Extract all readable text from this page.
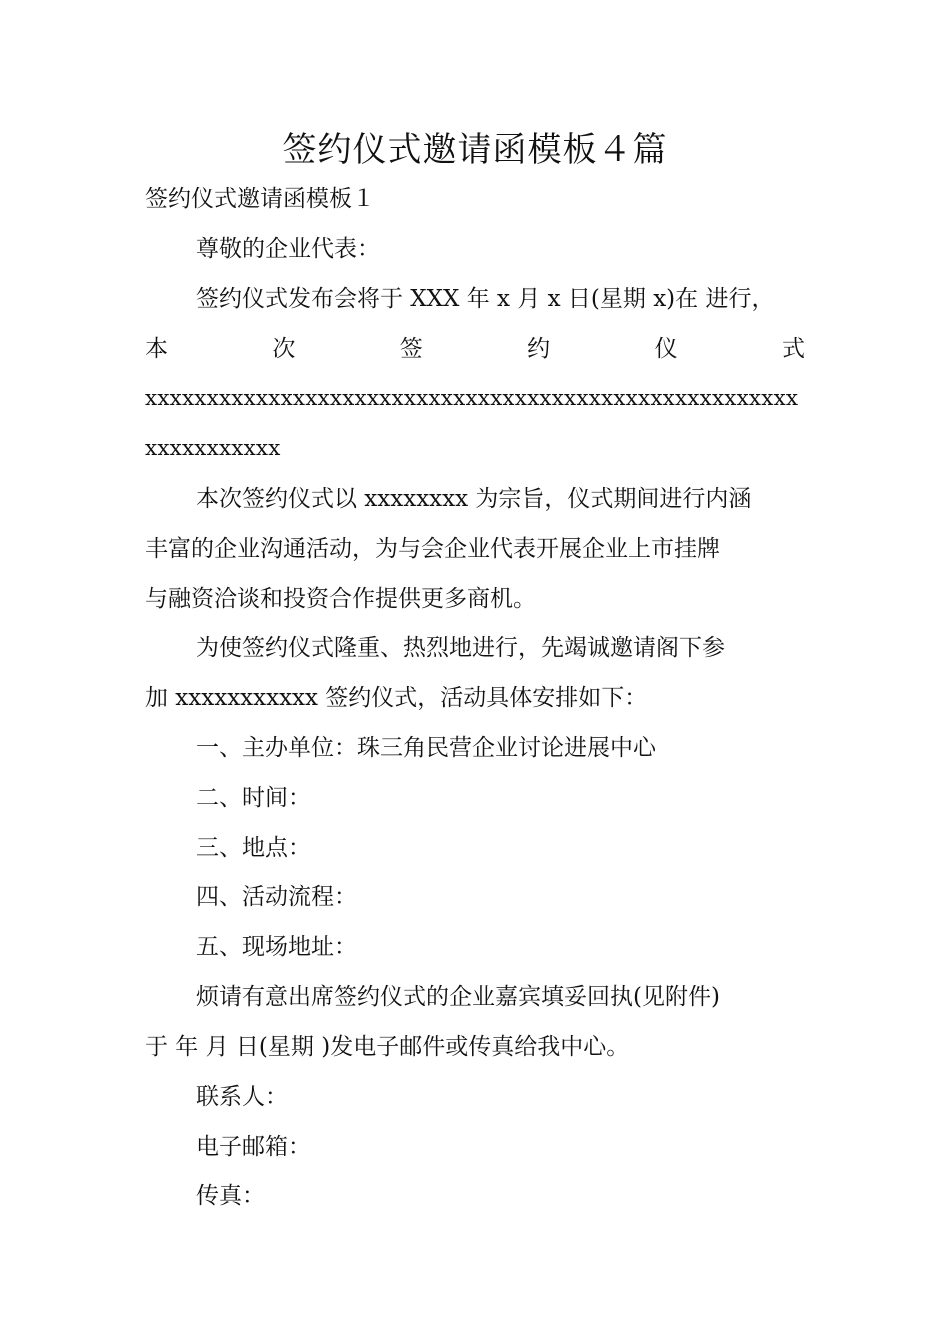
签约仪式邀请函模板４篇

签约仪式邀请函模板１

尊敬的企业代表：

签约仪式发布会将于 XXX 年 x 月 x 日(星期 x)在 进行，

本	次	签	约	仪	式

xxxxxxxxxxxxxxxxxxxxxxxxxxxxxxxxxxxxxxxxxxxxxxxxxxxxx

xxxxxxxxxxx

本次签约仪式以 xxxxxxxx 为宗旨，仪式期间进行内涵

丰富的企业沟通活动，为与会企业代表开展企业上市挂牌

与融资洽谈和投资合作提供更多商机。

为使签约仪式隆重、热烈地进行，先竭诚邀请阁下参

加 xxxxxxxxxxx 签约仪式，活动具体安排如下：

一、主办单位：珠三角民营企业讨论进展中心

二、时间：

三、地点：

四、活动流程：

五、现场地址：

烦请有意出席签约仪式的企业嘉宾填妥回执(见附件)

于 年 月 日(星期 )发电子邮件或传真给我中心。

联系人：

电子邮箱：

传真：
